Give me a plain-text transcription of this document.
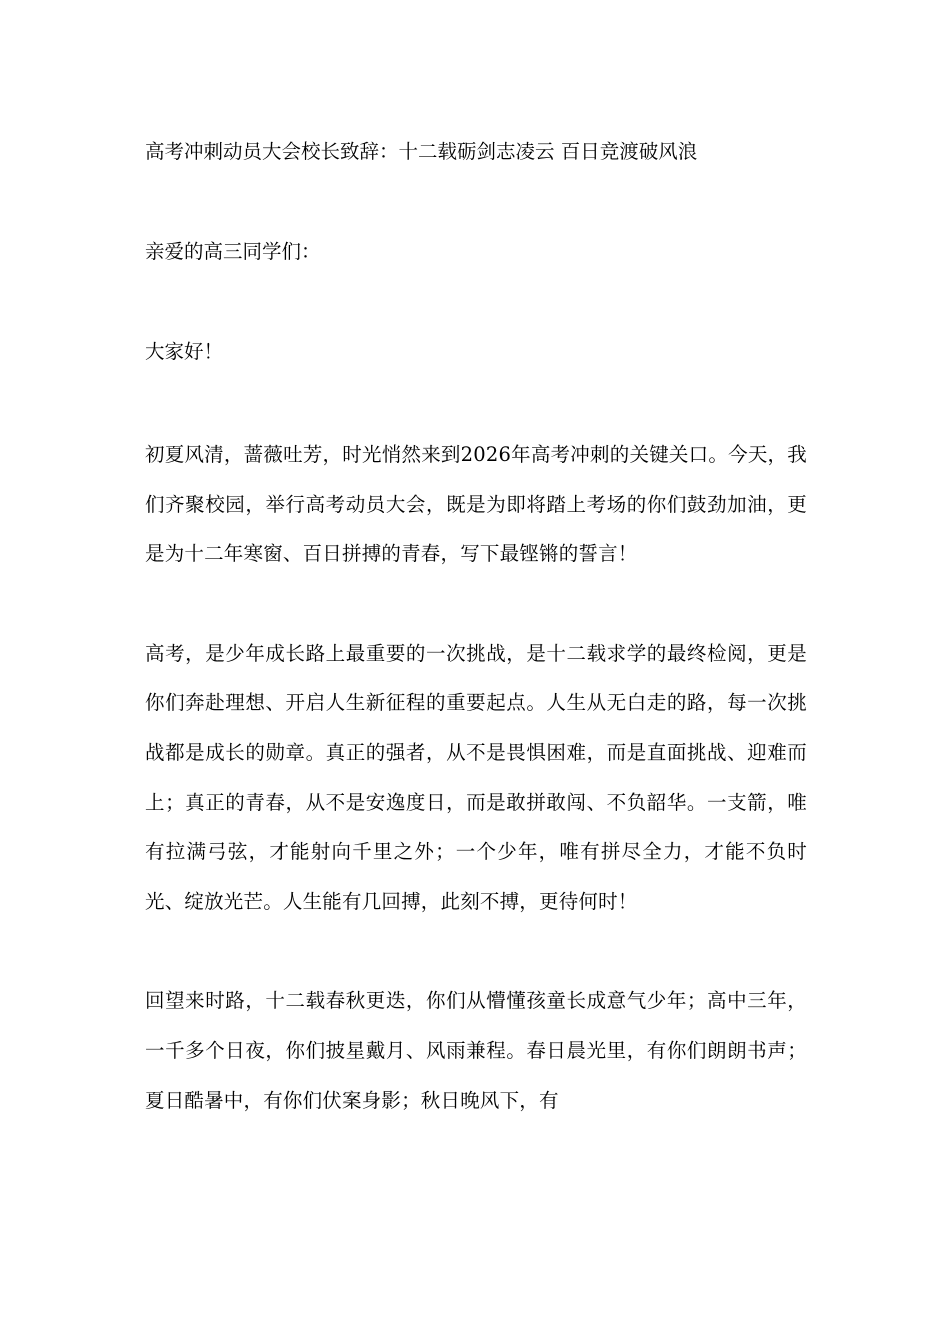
高考冲刺动员大会校长致辞：十二载砺剑志凌云 百日竞渡破风浪

亲爱的高三同学们：

大家好！

初夏风清，蔷薇吐芳，时光悄然来到2026年高考冲刺的关键关口。今天，我们齐聚校园，举行高考动员大会，既是为即将踏上考场的你们鼓劲加油，更是为十二年寒窗、百日拼搏的青春，写下最铿锵的誓言！

高考，是少年成长路上最重要的一次挑战，是十二载求学的最终检阅，更是你们奔赴理想、开启人生新征程的重要起点。人生从无白走的路，每一次挑战都是成长的勋章。真正的强者，从不是畏惧困难，而是直面挑战、迎难而上；真正的青春，从不是安逸度日，而是敢拼敢闯、不负韶华。一支箭，唯有拉满弓弦，才能射向千里之外；一个少年，唯有拼尽全力，才能不负时光、绽放光芒。人生能有几回搏，此刻不搏，更待何时！

回望来时路，十二载春秋更迭，你们从懵懂孩童长成意气少年；高中三年，一千多个日夜，你们披星戴月、风雨兼程。春日晨光里，有你们朗朗书声；夏日酷暑中，有你们伏案身影；秋日晚风下，有
